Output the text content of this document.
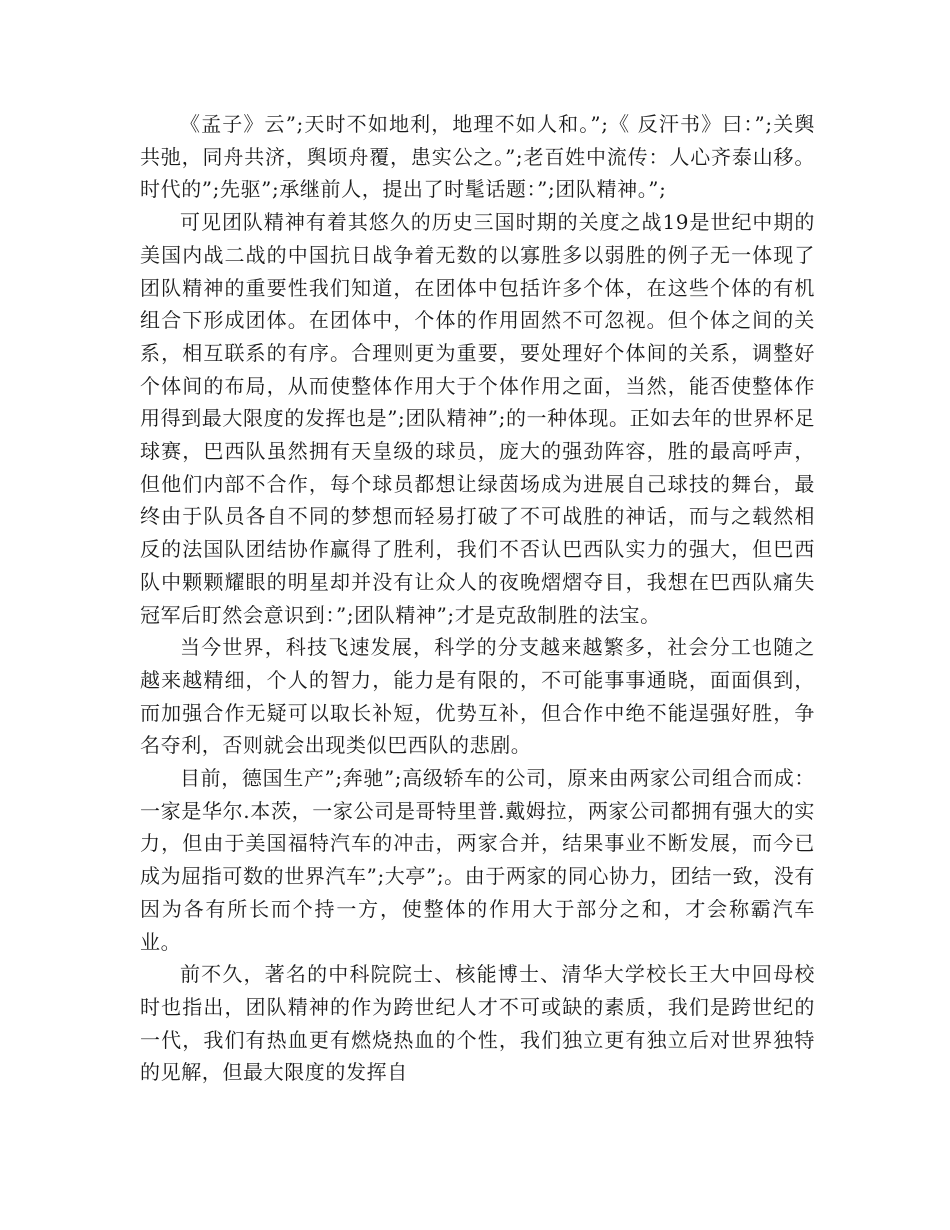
《孟子》云”;天时不如地利，地理不如人和。”;《 反汗书》曰：”;关舆共弛，同舟共济，舆顷舟覆，患实公之。”;老百姓中流传：人心齐泰山移。时代的”;先驱”;承继前人，提出了时髦话题：”;团队精神。”;

可见团队精神有着其悠久的历史三国时期的关度之战19是世纪中期的美国内战二战的中国抗日战争着无数的以寡胜多以弱胜的例子无一体现了团队精神的重要性我们知道，在团体中包括许多个体，在这些个体的有机组合下形成团体。在团体中，个体的作用固然不可忽视。但个体之间的关系，相互联系的有序。合理则更为重要，要处理好个体间的关系，调整好个体间的布局，从而使整体作用大于个体作用之面，当然，能否使整体作用得到最大限度的发挥也是”;团队精神”;的一种体现。正如去年的世界杯足球赛，巴西队虽然拥有天皇级的球员，庞大的强劲阵容，胜的最高呼声，但他们内部不合作，每个球员都想让绿茵场成为进展自己球技的舞台，最终由于队员各自不同的梦想而轻易打破了不可战胜的神话，而与之载然相反的法国队团结协作赢得了胜利，我们不否认巴西队实力的强大，但巴西队中颗颗耀眼的明星却并没有让众人的夜晚熠熠夺目，我想在巴西队痛失冠军后盯然会意识到：”;团队精神”;才是克敌制胜的法宝。

当今世界，科技飞速发展，科学的分支越来越繁多，社会分工也随之越来越精细，个人的智力，能力是有限的，不可能事事通晓，面面俱到，而加强合作无疑可以取长补短，优势互补，但合作中绝不能逞强好胜，争名夺利，否则就会出现类似巴西队的悲剧。

目前，德国生产”;奔驰”;高级轿车的公司，原来由两家公司组合而成：一家是华尔.本茨，一家公司是哥特里普.戴姆拉，两家公司都拥有强大的实力，但由于美国福特汽车的冲击，两家合并，结果事业不断发展，而今已成为屈指可数的世界汽车”;大亭”;。由于两家的同心协力，团结一致，没有因为各有所长而个持一方，使整体的作用大于部分之和，才会称霸汽车业。

前不久，著名的中科院院士、核能博士、清华大学校长王大中回母校时也指出，团队精神的作为跨世纪人才不可或缺的素质，我们是跨世纪的一代，我们有热血更有燃烧热血的个性，我们独立更有独立后对世界独特的见解，但最大限度的发挥自
